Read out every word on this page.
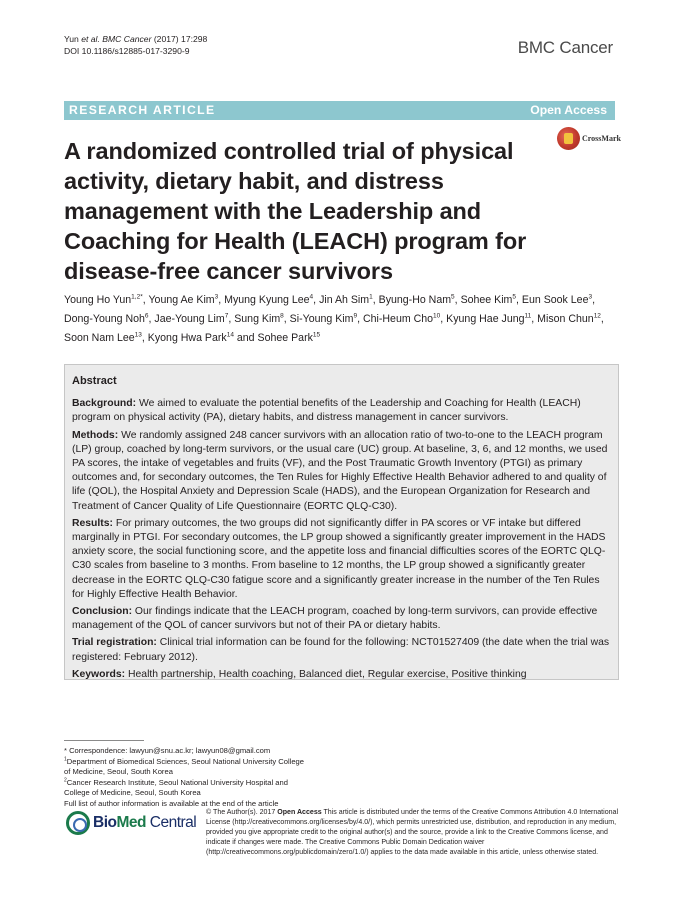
Yun et al. BMC Cancer (2017) 17:298
DOI 10.1186/s12885-017-3290-9	BMC Cancer
RESEARCH ARTICLE	Open Access
CrossMark
A randomized controlled trial of physical activity, dietary habit, and distress management with the Leadership and Coaching for Health (LEACH) program for disease-free cancer survivors
Young Ho Yun$^{1,2*}$, Young Ae Kim$^3$, Myung Kyung Lee$^4$, Jin Ah Sim$^1$, Byung-Ho Nam$^5$, Sohee Kim$^5$, Eun Sook Lee$^3$, Dong-Young Noh$^6$, Jae-Young Lim$^7$, Sung Kim$^8$, Si-Young Kim$^9$, Chi-Heum Cho$^{10}$, Kyung Hae Jung$^{11}$, Mison Chun$^{12}$, Soon Nam Lee$^{13}$, Kyong Hwa Park$^{14}$ and Sohee Park$^{15}$
Abstract

Background: We aimed to evaluate the potential benefits of the Leadership and Coaching for Health (LEACH) program on physical activity (PA), dietary habits, and distress management in cancer survivors.

Methods: We randomly assigned 248 cancer survivors with an allocation ratio of two-to-one to the LEACH program (LP) group, coached by long-term survivors, or the usual care (UC) group. At baseline, 3, 6, and 12 months, we used PA scores, the intake of vegetables and fruits (VF), and the Post Traumatic Growth Inventory (PTGI) as primary outcomes and, for secondary outcomes, the Ten Rules for Highly Effective Health Behavior adhered to and quality of life (QOL), the Hospital Anxiety and Depression Scale (HADS), and the European Organization for Research and Treatment of Cancer Quality of Life Questionnaire (EORTC QLQ-C30).

Results: For primary outcomes, the two groups did not significantly differ in PA scores or VF intake but differed marginally in PTGI. For secondary outcomes, the LP group showed a significantly greater improvement in the HADS anxiety score, the social functioning score, and the appetite loss and financial difficulties scores of the EORTC QLQ-C30 scales from baseline to 3 months. From baseline to 12 months, the LP group showed a significantly greater decrease in the EORTC QLQ-C30 fatigue score and a significantly greater increase in the number of the Ten Rules for Highly Effective Health Behavior.

Conclusion: Our findings indicate that the LEACH program, coached by long-term survivors, can provide effective management of the QOL of cancer survivors but not of their PA or dietary habits.

Trial registration: Clinical trial information can be found for the following: NCT01527409 (the date when the trial was registered: February 2012).

Keywords: Health partnership, Health coaching, Balanced diet, Regular exercise, Positive thinking

* Correspondence: lawyun@snu.ac.kr; lawyun08@gmail.com
$^1$Department of Biomedical Sciences, Seoul National University College of Medicine, Seoul, South Korea
$^2$Cancer Research Institute, Seoul National University Hospital and College of Medicine, Seoul, South Korea
Full list of author information is available at the end of the article
BioMed Central
© The Author(s). 2017 Open Access This article is distributed under the terms of the Creative Commons Attribution 4.0 International License (http://creativecommons.org/licenses/by/4.0/), which permits unrestricted use, distribution, and reproduction in any medium, provided you give appropriate credit to the original author(s) and the source, provide a link to the Creative Commons license, and indicate if changes were made. The Creative Commons Public Domain Dedication waiver (http://creativecommons.org/publicdomain/zero/1.0/) applies to the data made available in this article, unless otherwise stated.
